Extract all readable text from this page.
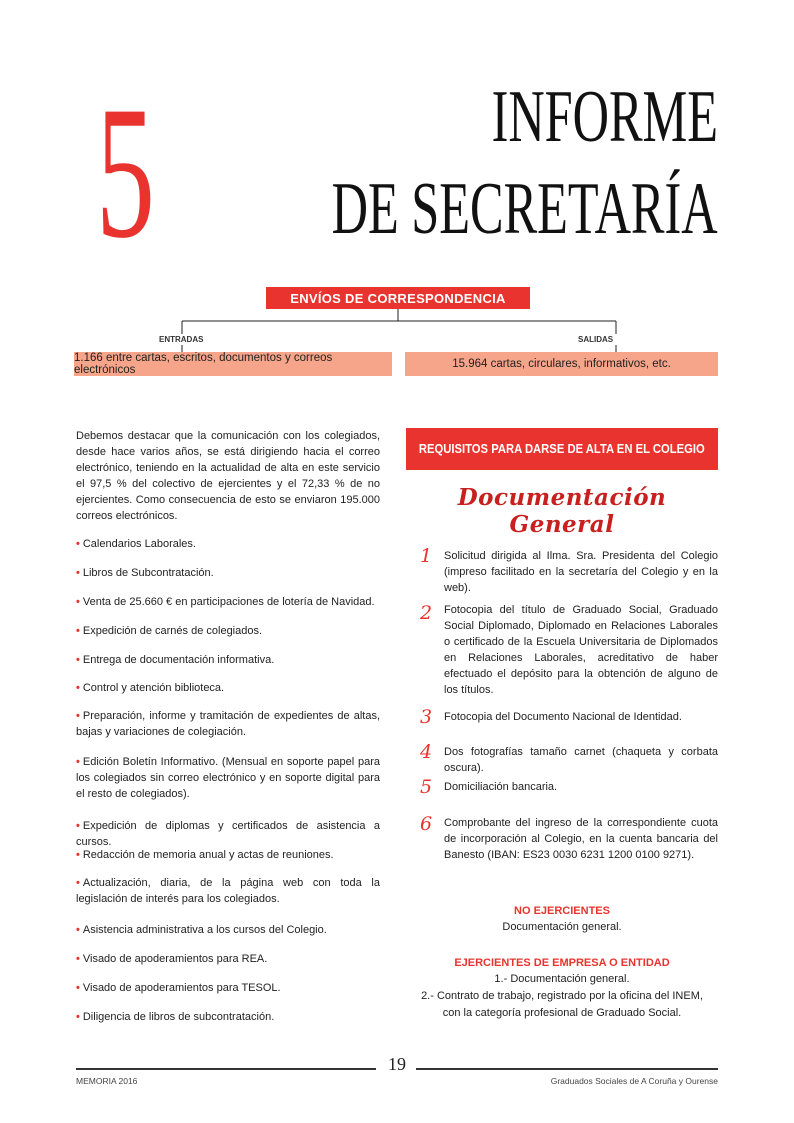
5	INFORME
DE SECRETARÍA
ENVÍOS DE CORRESPONDENCIA
ENTRADAS	SALIDAS
1.166 entre cartas, escritos, documentos y correos electrónicos	15.964 cartas, circulares, informativos, etc.
Debemos destacar que la comunicación con los colegiados, desde hace varios años, se está dirigiendo hacia el correo electrónico, teniendo en la actualidad de alta en este servicio el 97,5 % del colectivo de ejercientes y el 72,33 % de no ejercientes. Como consecuencia de esto se enviaron 195.000 correos electrónicos.
• Calendarios Laborales.
• Libros de Subcontratación.
• Venta de 25.660 € en participaciones de lotería de Navidad.
• Expedición de carnés de colegiados.
• Entrega de documentación informativa.
• Control y atención biblioteca.
• Preparación, informe y tramitación de expedientes de altas, bajas y variaciones de colegiación.
• Edición Boletín Informativo. (Mensual en soporte papel para los colegiados sin correo electrónico y en soporte digital para el resto de colegiados).
• Expedición de diplomas y certificados de asistencia a cursos.
• Redacción de memoria anual y actas de reuniones.
• Actualización, diaria, de la página web con toda la legislación de interés para los colegiados.
• Asistencia administrativa a los cursos del Colegio.
• Visado de apoderamientos para REA.
• Visado de apoderamientos para TESOL.
• Diligencia de libros de subcontratación.
REQUISITOS PARA DARSE DE ALTA EN EL COLEGIO
Documentación General
1 Solicitud dirigida al Ilma. Sra. Presidenta del Colegio (impreso facilitado en la secretaría del Colegio y en la web).
2 Fotocopia del título de Graduado Social, Graduado Social Diplomado, Diplomado en Relaciones Laborales o certificado de la Escuela Universitaria de Diplomados en Relaciones Laborales, acreditativo de haber efectuado el depósito para la obtención de alguno de los títulos.
3 Fotocopia del Documento Nacional de Identidad.
4 Dos fotografías tamaño carnet (chaqueta y corbata oscura).
5 Domiciliación bancaria.
6 Comprobante del ingreso de la correspondiente cuota de incorporación al Colegio, en la cuenta bancaria del Banesto (IBAN: ES23 0030 6231 1200 0100 9271).
NO EJERCIENTES
Documentación general.
EJERCIENTES DE EMPRESA O ENTIDAD
1.- Documentación general.
2.- Contrato de trabajo, registrado por la oficina del INEM,
con la categoría profesional de Graduado Social.
19
MEMORIA 2016	Graduados Sociales de A Coruña y Ourense
